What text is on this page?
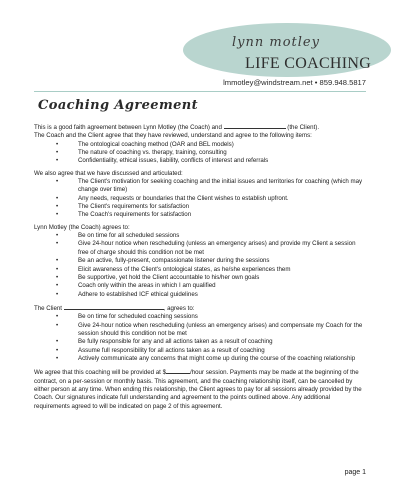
lynn motley
LIFE COACHING
lmmotley@windstream.net • 859.948.5817
Coaching Agreement

This is a good faith agreement between Lynn Motley (the Coach) and	(the Client).

The Coach and the Client agree that they have reviewed, understand and agree to the following items:

• The ontological coaching method (OAR and BEL models)
• The nature of coaching vs. therapy, training, consulting
• Confidentiality, ethical issues, liability, conflicts of interest and referrals

We also agree that we have discussed and articulated:

• The Client's motivation for seeking coaching and the initial issues and territories for coaching (which may change over time)
• Any needs, requests or boundaries that the Client wishes to establish upfront.
• The Client's requirements for satisfaction
• The Coach's requirements for satisfaction

Lynn Motley (the Coach) agrees to:

• Be on time for all scheduled sessions
• Give 24-hour notice when rescheduling (unless an emergency arises) and provide my Client a session free of charge should this condition not be met
• Be an active, fully-present, compassionate listener during the sessions
• Elicit awareness of the Client's ontological states, as he/she experiences them
• Be supportive, yet hold the Client accountable to his/her own goals
• Coach only within the areas in which I am qualified
• Adhere to established ICF ethical guidelines

The Client	, agrees to:

• Be on time for scheduled coaching sessions
• Give 24-hour notice when rescheduling (unless an emergency arises) and compensate my Coach for the session should this condition not be met
• Be fully responsible for any and all actions taken as a result of coaching
• Assume full responsibility for all actions taken as a result of coaching
• Actively communicate any concerns that might come up during the course of the coaching relationship

We agree that this coaching will be provided at $	/hour session. Payments may be made at the beginning of the contract, on a per-session or monthly basis. This agreement, and the coaching relationship itself, can be cancelled by either person at any time. When ending this relationship, the Client agrees to pay for all sessions already provided by the Coach. Our signatures indicate full understanding and agreement to the points outlined above. Any additional requirements agreed to will be indicated on page 2 of this agreement.

page 1
